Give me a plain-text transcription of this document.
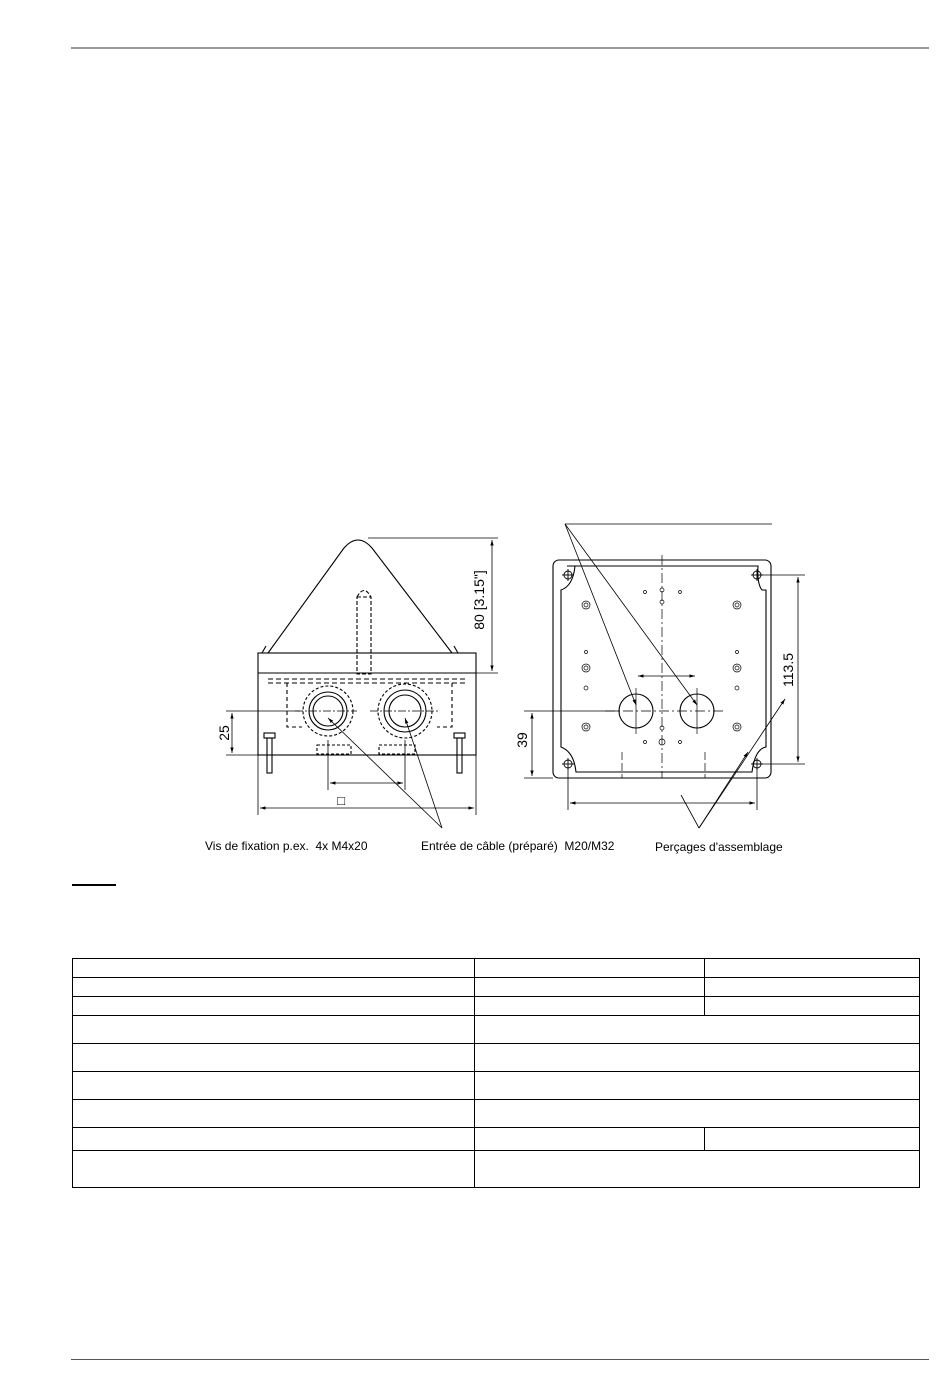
80 [3.15"]
25	39
113.5
□
Vis de fixation p.ex.  4x M4x20	Entrée de câble (préparé)  M20/M32	Perçages d'assemblage
